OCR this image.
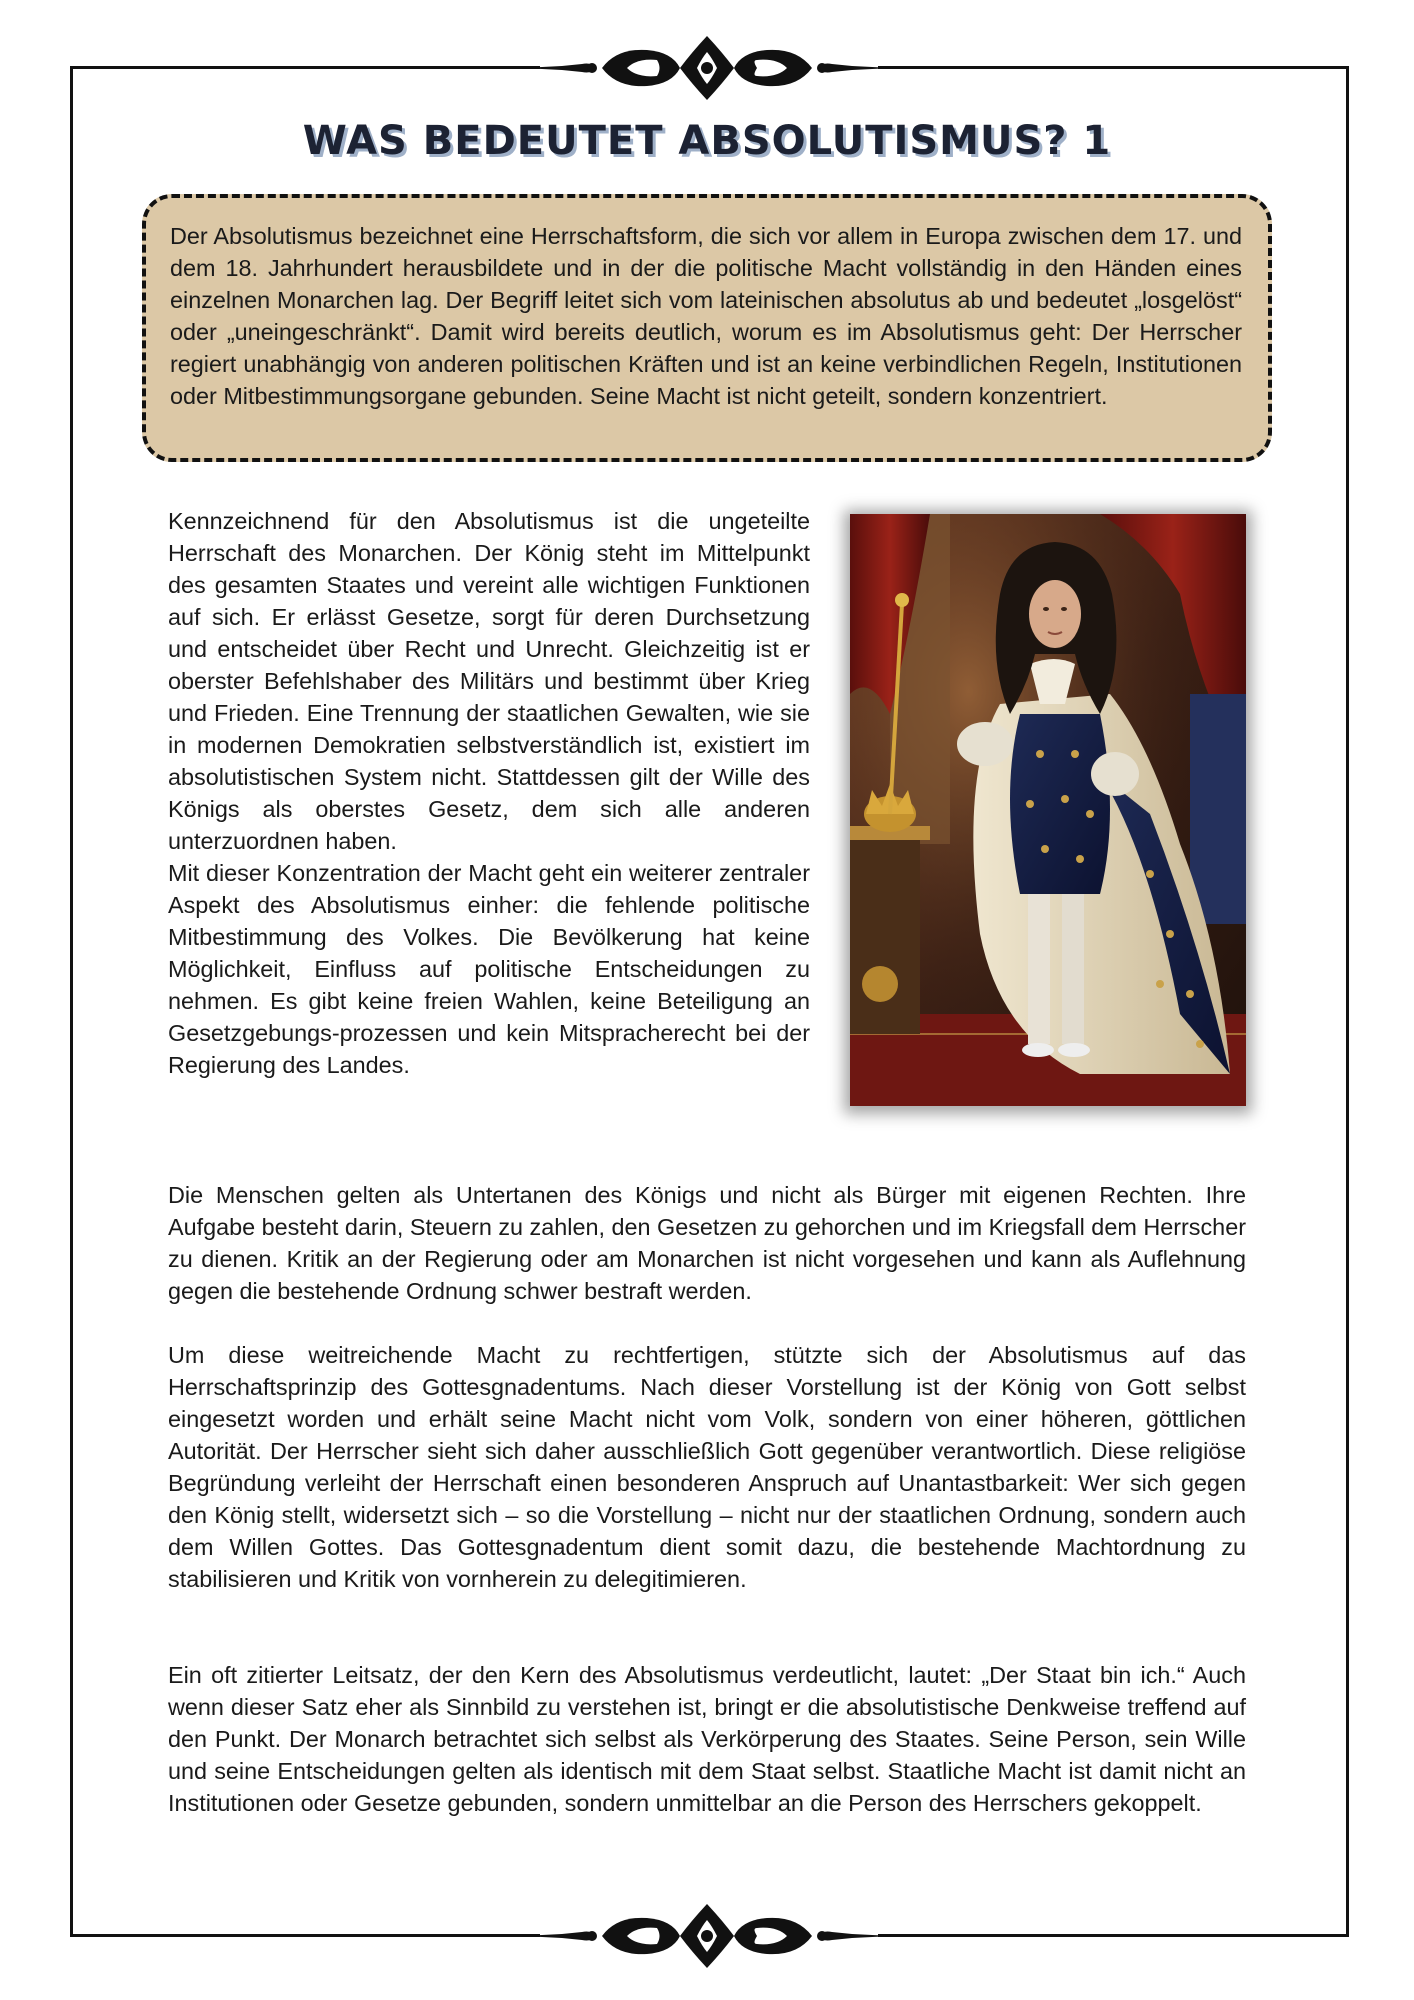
WAS BEDEUTET ABSOLUTISMUS? 1

Der Absolutismus bezeichnet eine Herrschaftsform, die sich vor allem in Europa zwischen dem 17. und dem 18. Jahrhundert herausbildete und in der die politische Macht vollständig in den Händen eines einzelnen Monarchen lag. Der Begriff leitet sich vom lateinischen absolutus ab und bedeutet „losgelöst“ oder „uneingeschränkt“. Damit wird bereits deutlich, worum es im Absolutismus geht: Der Herrscher regiert unabhängig von anderen politischen Kräften und ist an keine verbindlichen Regeln, Institutionen oder Mitbestimmungsorgane gebunden. Seine Macht ist nicht geteilt, sondern konzentriert.

Kennzeichnend für den Absolutismus ist die ungeteilte Herrschaft des Monarchen. Der König steht im Mittelpunkt des gesamten Staates und vereint alle wichtigen Funktionen auf sich. Er erlässt Gesetze, sorgt für deren Durchsetzung und entscheidet über Recht und Unrecht. Gleichzeitig ist er oberster Befehlshaber des Militärs und bestimmt über Krieg und Frieden. Eine Trennung der staatlichen Gewalten, wie sie in modernen Demokratien selbstverständlich ist, existiert im absolutistischen System nicht. Stattdessen gilt der Wille des Königs als oberstes Gesetz, dem sich alle anderen unterzuordnen haben.

Mit dieser Konzentration der Macht geht ein weiterer zentraler Aspekt des Absolutismus einher: die fehlende politische Mitbestimmung des Volkes. Die Bevölkerung hat keine Möglichkeit, Einfluss auf politische Entscheidungen zu nehmen. Es gibt keine freien Wahlen, keine Beteiligung an Gesetzgebungs-prozessen und kein Mitspracherecht bei der Regierung des Landes.

Die Menschen gelten als Untertanen des Königs und nicht als Bürger mit eigenen Rechten. Ihre Aufgabe besteht darin, Steuern zu zahlen, den Gesetzen zu gehorchen und im Kriegsfall dem Herrscher zu dienen. Kritik an der Regierung oder am Monarchen ist nicht vorgesehen und kann als Auflehnung gegen die bestehende Ordnung schwer bestraft werden.

Um diese weitreichende Macht zu rechtfertigen, stützte sich der Absolutismus auf das Herrschaftsprinzip des Gottesgnadentums. Nach dieser Vorstellung ist der König von Gott selbst eingesetzt worden und erhält seine Macht nicht vom Volk, sondern von einer höheren, göttlichen Autorität. Der Herrscher sieht sich daher ausschließlich Gott gegenüber verantwortlich. Diese religiöse Begründung verleiht der Herrschaft einen besonderen Anspruch auf Unantastbarkeit: Wer sich gegen den König stellt, widersetzt sich – so die Vorstellung – nicht nur der staatlichen Ordnung, sondern auch dem Willen Gottes. Das Gottesgnadentum dient somit dazu, die bestehende Machtordnung zu stabilisieren und Kritik von vornherein zu delegitimieren.

Ein oft zitierter Leitsatz, der den Kern des Absolutismus verdeutlicht, lautet: „Der Staat bin ich.“ Auch wenn dieser Satz eher als Sinnbild zu verstehen ist, bringt er die absolutistische Denkweise treffend auf den Punkt. Der Monarch betrachtet sich selbst als Verkörperung des Staates. Seine Person, sein Wille und seine Entscheidungen gelten als identisch mit dem Staat selbst. Staatliche Macht ist damit nicht an Institutionen oder Gesetze gebunden, sondern unmittelbar an die Person des Herrschers gekoppelt.
